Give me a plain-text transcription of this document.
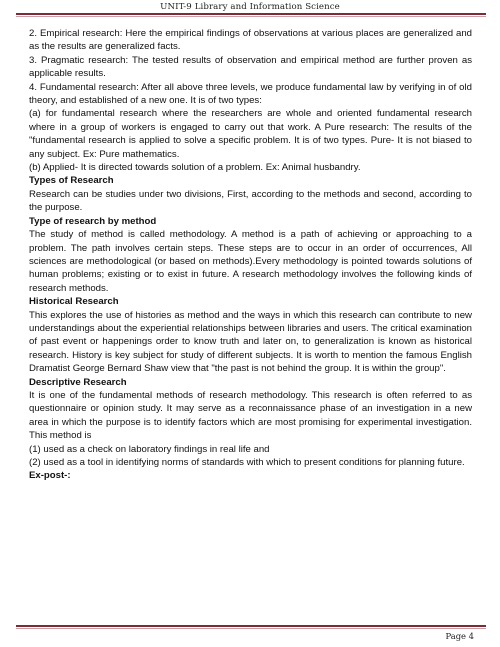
UNIT-9 Library and Information Science

2. Empirical research: Here the empirical findings of observations at various places are generalized and as the results are generalized facts.

3. Pragmatic research: The tested results of observation and empirical method are further proven as applicable results.

4. Fundamental research: After all above three levels, we produce fundamental law by verifying in of old theory, and established of a new one. It is of two types:

(a) for fundamental research where the researchers are whole and oriented fundamental research where in a group of workers is engaged to carry out that work. A Pure research: The results of the "fundamental research is applied to solve a specific problem. It is of two types. Pure- It is not biased to any subject. Ex: Pure mathematics.

(b) Applied- It is directed towards solution of a problem. Ex: Animal husbandry.

Types of Research

Research can be studies under two divisions, First, according to the methods and second, according to the purpose.

Type of research by method

The study of method is called methodology. A method is a path of achieving or approaching to a problem. The path involves certain steps. These steps are to occur in an order of occurrences, All sciences are methodological (or based on methods).Every methodology is pointed towards solutions of human problems; existing or to exist in future. A research methodology involves the following kinds of research methods.

Historical Research

This explores the use of histories as method and the ways in which this research can contribute to new understandings about the experiential relationships between libraries and users. The critical examination of past event or happenings order to know truth and later on, to generalization is known as historical research. History is key subject for study of different subjects. It is worth to mention the famous English Dramatist George Bernard Shaw view that "the past is not behind the group. It is within the group".

Descriptive Research

It is one of the fundamental methods of research methodology. This research is often referred to as questionnaire or opinion study. It may serve as a reconnaissance phase of an investigation in a new area in which the purpose is to identify factors which are most promising for experimental investigation. This method is

(1) used as a check on laboratory findings in real life and

(2) used as a tool in identifying norms of standards with which to present conditions for planning future.

Ex-post-:
Page 4
